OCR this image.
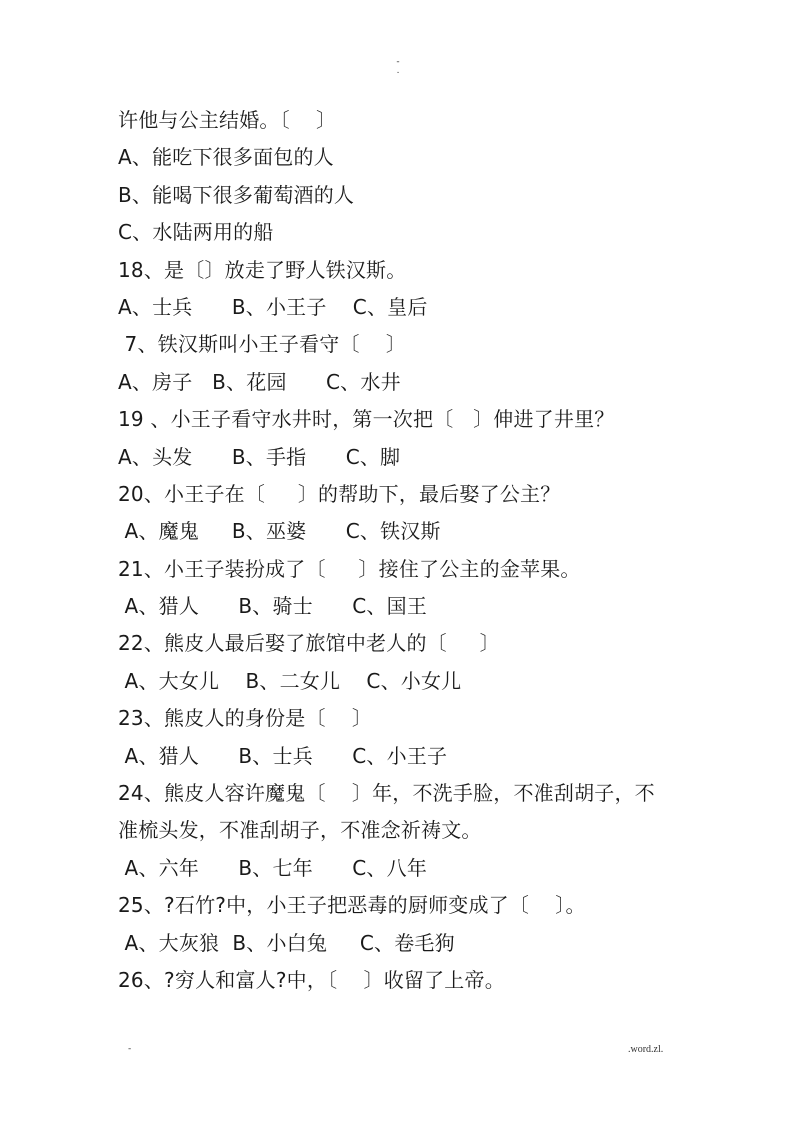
-
.
许他与公主结婚。〔    〕
A、能吃下很多面包的人
B、能喝下很多葡萄酒的人
C、水陆两用的船
18、是〔〕放走了野人铁汉斯。
A、士兵      B、小王子    C、皇后
7、铁汉斯叫小王子看守〔    〕
A、房子   B、花园      C、水井
19 、小王子看守水井时，第一次把〔   〕伸进了井里？
A、头发      B、手指      C、脚
20、小王子在〔     〕的帮助下，最后娶了公主？
A、魔鬼     B、巫婆      C、铁汉斯
21、小王子装扮成了〔     〕接住了公主的金苹果。
A、猎人      B、骑士      C、国王
22、熊皮人最后娶了旅馆中老人的〔     〕
A、大女儿    B、二女儿    C、小女儿
23、熊皮人的身份是〔    〕
A、猎人      B、士兵      C、小王子
24、熊皮人容许魔鬼〔    〕年，不洗手脸，不准刮胡子，不
准梳头发，不准刮胡子，不准念祈祷文。
A、六年      B、七年      C、八年
25、?石竹?中，小王子把恶毒的厨师变成了〔    〕。
A、大灰狼  B、小白兔     C、卷毛狗
26、?穷人和富人?中，〔    〕收留了上帝。
-	.word.zl.
